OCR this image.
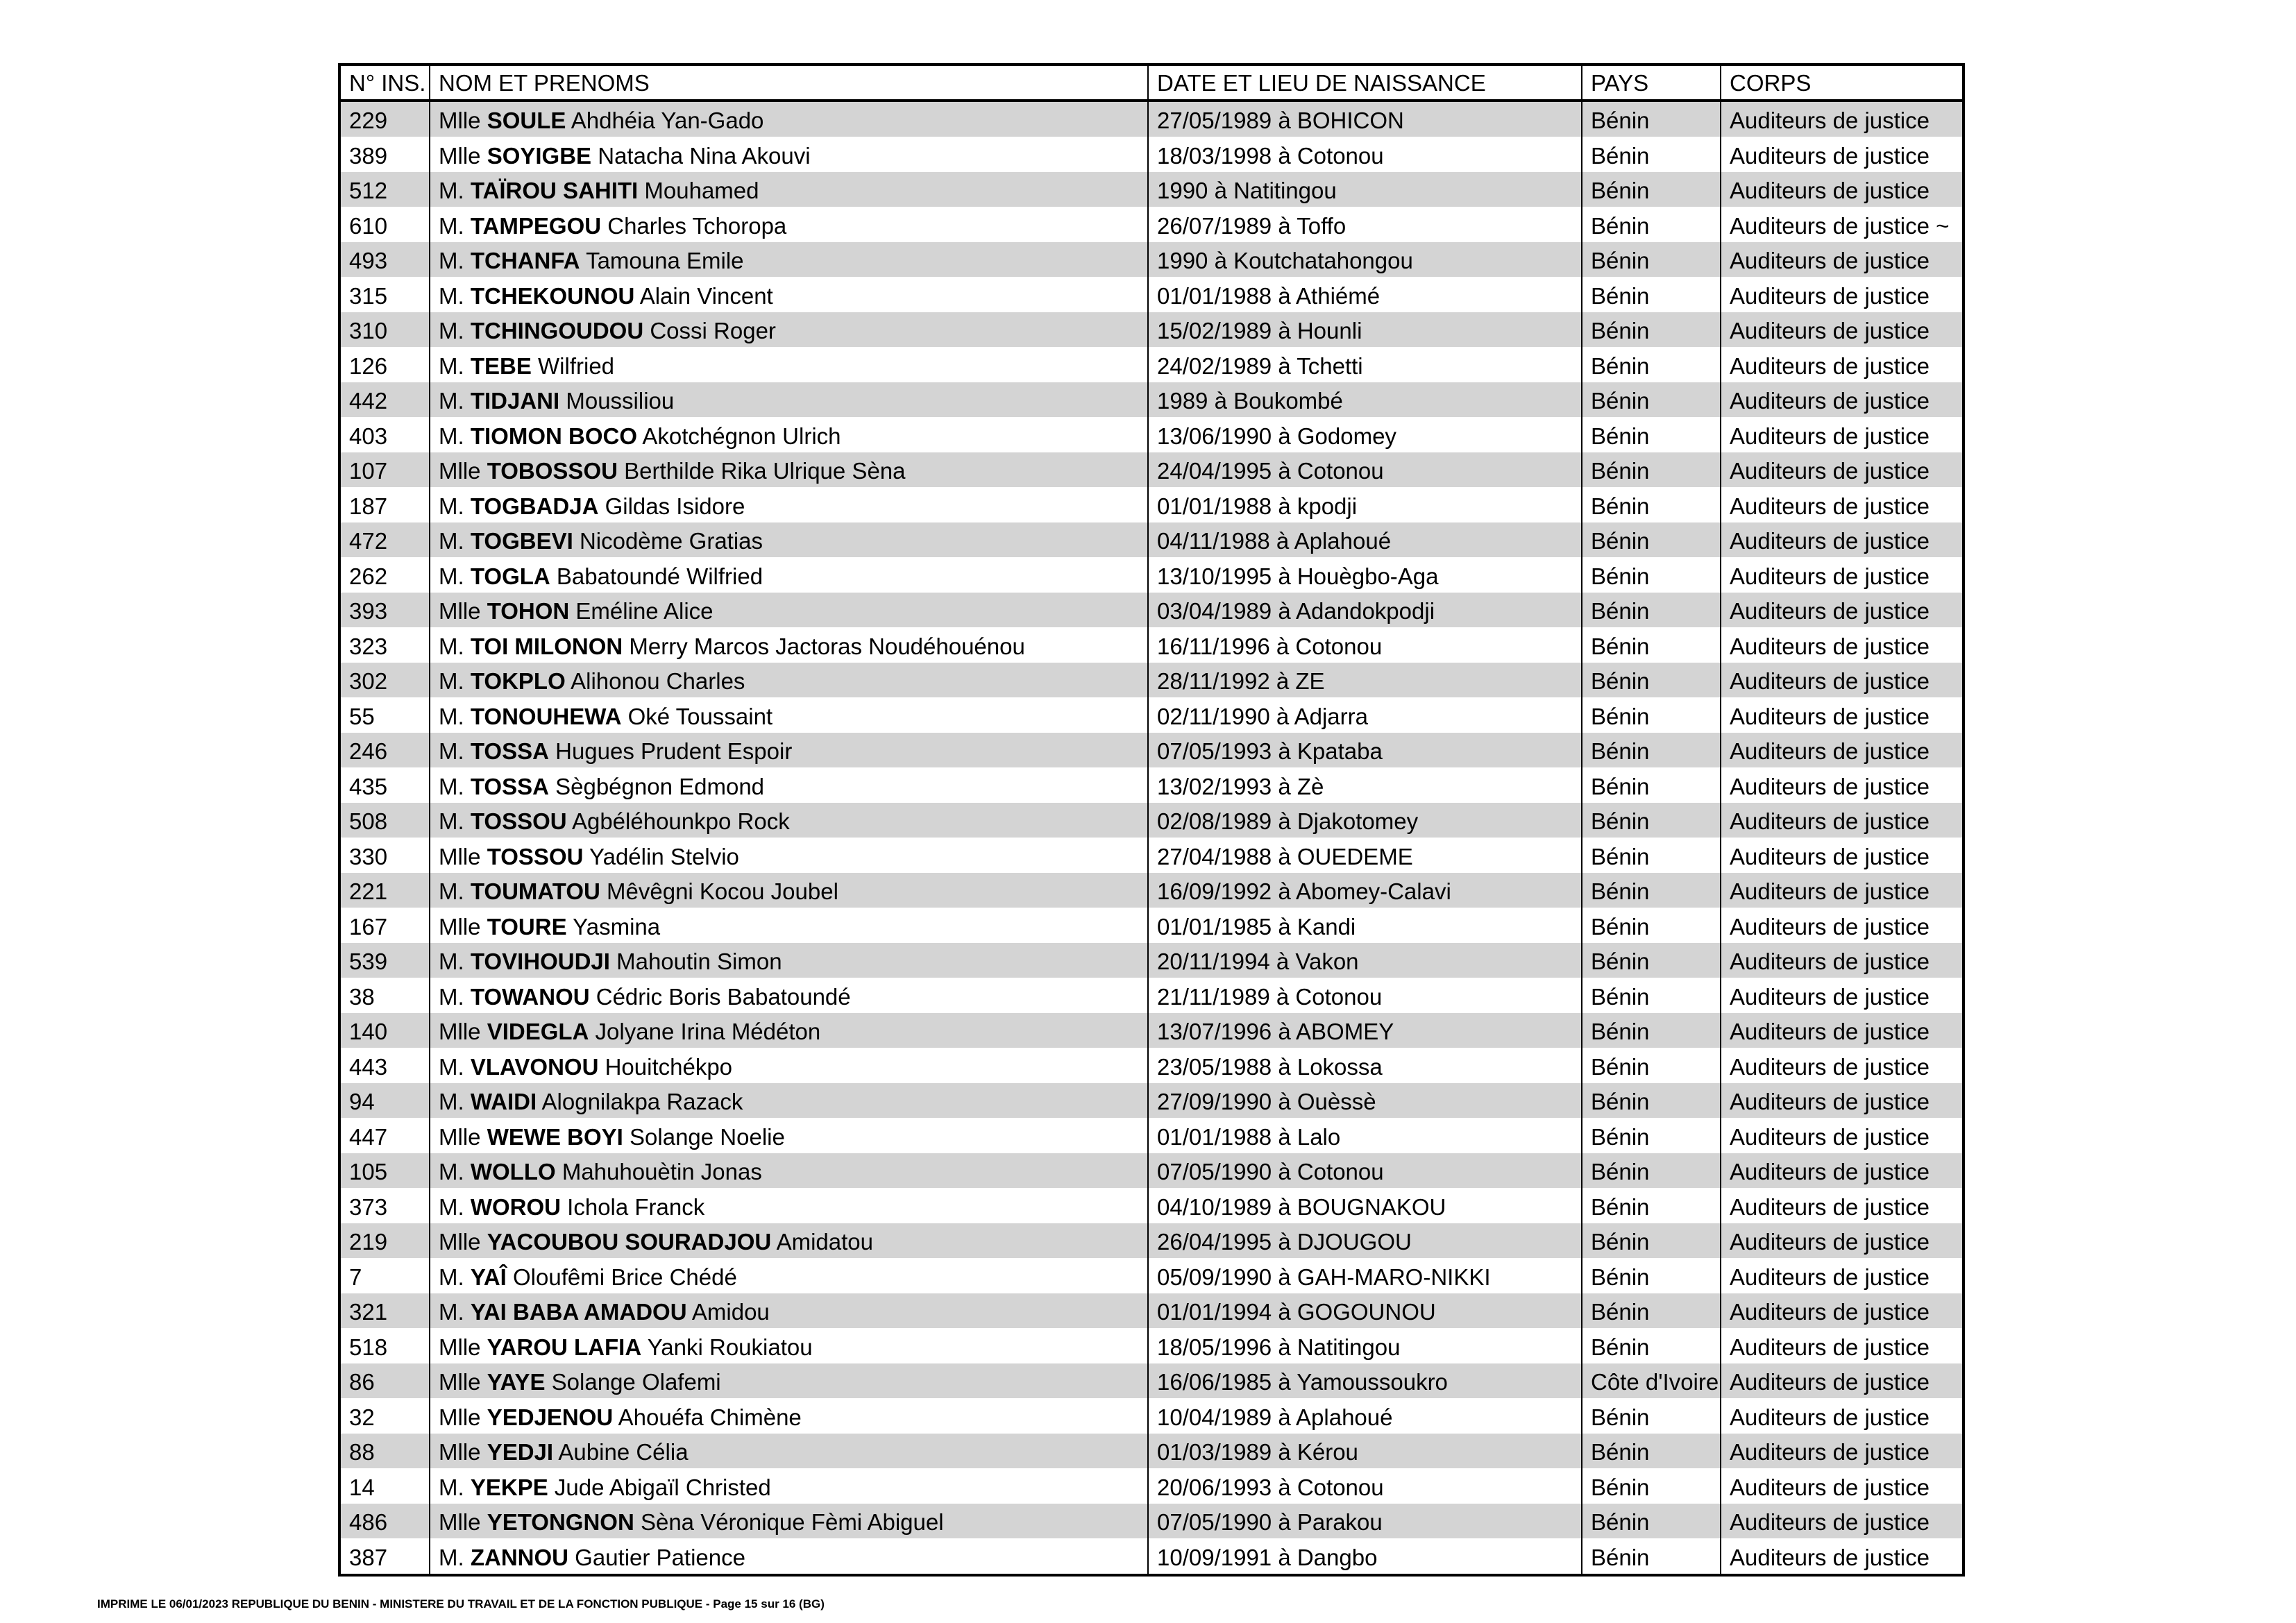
N° INS.	NOM ET PRENOMS	DATE ET LIEU DE NAISSANCE	PAYS	CORPS
229	Mlle SOULE Ahdhéia Yan-Gado	27/05/1989 à BOHICON	Bénin	Auditeurs de justice
389	Mlle SOYIGBE Natacha Nina Akouvi	18/03/1998 à Cotonou	Bénin	Auditeurs de justice
512	M. TAÏROU SAHITI Mouhamed	1990 à Natitingou	Bénin	Auditeurs de justice
610	M. TAMPEGOU Charles Tchoropa	26/07/1989 à Toffo	Bénin	Auditeurs de justice ~
493	M. TCHANFA Tamouna Emile	1990 à Koutchatahongou	Bénin	Auditeurs de justice
315	M. TCHEKOUNOU Alain Vincent	01/01/1988 à Athiémé	Bénin	Auditeurs de justice
310	M. TCHINGOUDOU Cossi Roger	15/02/1989 à Hounli	Bénin	Auditeurs de justice
126	M. TEBE Wilfried	24/02/1989 à Tchetti	Bénin	Auditeurs de justice
442	M. TIDJANI Moussiliou	1989 à Boukombé	Bénin	Auditeurs de justice
403	M. TIOMON BOCO Akotchégnon Ulrich	13/06/1990 à Godomey	Bénin	Auditeurs de justice
107	Mlle TOBOSSOU Berthilde Rika Ulrique Sèna	24/04/1995 à Cotonou	Bénin	Auditeurs de justice
187	M. TOGBADJA Gildas Isidore	01/01/1988 à kpodji	Bénin	Auditeurs de justice
472	M. TOGBEVI Nicodème Gratias	04/11/1988 à Aplahoué	Bénin	Auditeurs de justice
262	M. TOGLA Babatoundé Wilfried	13/10/1995 à Houègbo-Aga	Bénin	Auditeurs de justice
393	Mlle TOHON Eméline Alice	03/04/1989 à Adandokpodji	Bénin	Auditeurs de justice
323	M. TOI MILONON Merry Marcos Jactoras Noudéhouénou	16/11/1996 à Cotonou	Bénin	Auditeurs de justice
302	M. TOKPLO Alihonou Charles	28/11/1992 à ZE	Bénin	Auditeurs de justice
55	M. TONOUHEWA Oké Toussaint	02/11/1990 à Adjarra	Bénin	Auditeurs de justice
246	M. TOSSA Hugues Prudent Espoir	07/05/1993 à Kpataba	Bénin	Auditeurs de justice
435	M. TOSSA Sègbégnon Edmond	13/02/1993 à Zè	Bénin	Auditeurs de justice
508	M. TOSSOU Agbéléhounkpo Rock	02/08/1989 à Djakotomey	Bénin	Auditeurs de justice
330	Mlle TOSSOU Yadélin Stelvio	27/04/1988 à OUEDEME	Bénin	Auditeurs de justice
221	M. TOUMATOU Mêvêgni Kocou Joubel	16/09/1992 à Abomey-Calavi	Bénin	Auditeurs de justice
167	Mlle TOURE Yasmina	01/01/1985 à Kandi	Bénin	Auditeurs de justice
539	M. TOVIHOUDJI Mahoutin Simon	20/11/1994 à Vakon	Bénin	Auditeurs de justice
38	M. TOWANOU Cédric Boris Babatoundé	21/11/1989 à Cotonou	Bénin	Auditeurs de justice
140	Mlle VIDEGLA Jolyane Irina Médéton	13/07/1996 à ABOMEY	Bénin	Auditeurs de justice
443	M. VLAVONOU Houitchékpo	23/05/1988 à Lokossa	Bénin	Auditeurs de justice
94	M. WAIDI Alognilakpa Razack	27/09/1990 à Ouèssè	Bénin	Auditeurs de justice
447	Mlle WEWE BOYI Solange Noelie	01/01/1988 à Lalo	Bénin	Auditeurs de justice
105	M. WOLLO Mahuhouètin Jonas	07/05/1990 à Cotonou	Bénin	Auditeurs de justice
373	M. WOROU Ichola Franck	04/10/1989 à BOUGNAKOU	Bénin	Auditeurs de justice
219	Mlle YACOUBOU SOURADJOU Amidatou	26/04/1995 à DJOUGOU	Bénin	Auditeurs de justice
7	M. YAÎ Oloufêmi Brice Chédé	05/09/1990 à GAH-MARO-NIKKI	Bénin	Auditeurs de justice
321	M. YAI BABA AMADOU Amidou	01/01/1994 à GOGOUNOU	Bénin	Auditeurs de justice
518	Mlle YAROU LAFIA Yanki Roukiatou	18/05/1996 à Natitingou	Bénin	Auditeurs de justice
86	Mlle YAYE Solange Olafemi	16/06/1985 à Yamoussoukro	Côte d'Ivoire	Auditeurs de justice
32	Mlle YEDJENOU Ahouéfa Chimène	10/04/1989 à Aplahoué	Bénin	Auditeurs de justice
88	Mlle YEDJI Aubine Célia	01/03/1989 à Kérou	Bénin	Auditeurs de justice
14	M. YEKPE Jude Abigaïl Christed	20/06/1993 à Cotonou	Bénin	Auditeurs de justice
486	Mlle YETONGNON Sèna Véronique Fèmi Abiguel	07/05/1990 à Parakou	Bénin	Auditeurs de justice
387	M. ZANNOU Gautier Patience	10/09/1991 à Dangbo	Bénin	Auditeurs de justice
IMPRIME LE 06/01/2023 REPUBLIQUE DU BENIN - MINISTERE DU TRAVAIL ET DE LA FONCTION PUBLIQUE - Page 15 sur 16 (BG)
